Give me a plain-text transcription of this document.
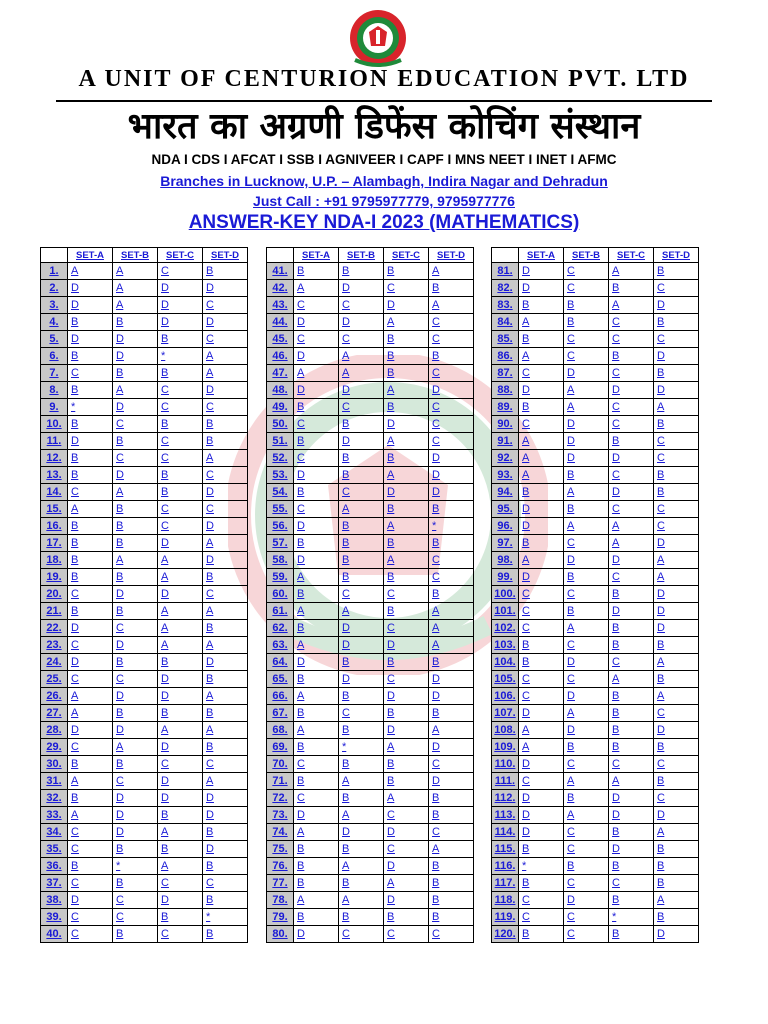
A UNIT OF CENTURION EDUCATION PVT. LTD
भारत का अग्रणी डिफेंस कोचिंग संस्थान
NDA I CDS I AFCAT I SSB I AGNIVEER I CAPF I MNS NEET I INET I AFMC
Branches in Lucknow, U.P. – Alambagh, Indira Nagar and Dehradun
Just Call : +91 9795977779, 9795977776
ANSWER-KEY NDA-I 2023 (MATHEMATICS)
	SET-A	SET-B	SET-C	SET-D
1.	A	A	C	B
2.	D	A	D	D
3.	D	A	D	C
4.	B	B	D	D
5.	D	D	B	C
6.	B	D	*	A
7.	C	B	B	A
8.	B	A	C	D
9.	*	D	C	C
10.	B	C	B	B
11.	D	B	C	B
12.	B	C	C	A
13.	B	D	B	C
14.	C	A	B	D
15.	A	B	C	C
16.	B	B	C	D
17.	B	B	D	A
18.	B	A	A	D
19.	B	B	A	B
20.	C	D	D	C
21.	B	B	A	A
22.	D	C	A	B
23.	C	D	A	A
24.	D	B	B	D
25.	C	C	D	B
26.	A	D	D	A
27.	A	B	B	B
28.	D	D	A	A
29.	C	A	D	B
30.	B	B	C	C
31.	A	C	D	A
32.	B	D	D	D
33.	A	D	B	D
34.	C	D	A	B
35.	C	B	B	D
36.	B	*	A	B
37.	C	B	C	C
38.	D	C	D	B
39.	C	C	B	*
40.	C	B	C	B
	SET-A	SET-B	SET-C	SET-D
41.	B	B	B	A
42.	A	D	C	B
43.	C	C	D	A
44.	D	D	A	C
45.	C	C	B	C
46.	D	A	B	B
47.	A	A	B	C
48.	D	D	A	D
49.	B	C	B	C
50.	C	B	D	C
51.	B	D	A	C
52.	C	B	B	D
53.	D	B	A	D
54.	B	C	D	D
55.	C	A	B	B
56.	D	B	A	*
57.	B	B	B	B
58.	D	B	A	C
59.	A	B	B	C
60.	B	C	C	B
61.	A	A	B	A
62.	B	D	C	A
63.	A	D	D	A
64.	D	B	B	B
65.	B	D	C	D
66.	A	B	D	D
67.	B	C	B	B
68.	A	B	D	A
69.	B	*	A	D
70.	C	B	B	C
71.	B	A	B	D
72.	C	B	A	B
73.	D	A	C	B
74.	A	D	D	C
75.	B	B	C	A
76.	B	A	D	B
77.	B	B	A	B
78.	A	A	D	B
79.	B	B	B	B
80.	D	C	C	C
	SET-A	SET-B	SET-C	SET-D
81.	D	C	A	B
82.	D	C	B	C
83.	B	B	A	D
84.	A	B	C	B
85.	B	C	C	C
86.	A	C	B	D
87.	C	D	C	B
88.	D	A	D	D
89.	B	A	C	A
90.	C	D	C	B
91.	A	D	B	C
92.	A	D	D	C
93.	A	B	C	B
94.	B	A	D	B
95.	D	B	C	C
96.	D	A	A	C
97.	B	C	A	D
98.	A	D	D	A
99.	D	B	C	A
100.	C	C	B	D
101.	C	B	D	D
102.	C	A	B	D
103.	B	C	B	B
104.	B	D	C	A
105.	C	C	A	B
106.	C	D	B	A
107.	D	A	B	C
108.	A	D	B	D
109.	A	B	B	B
110.	D	C	C	C
111.	C	A	A	B
112.	D	B	D	C
113.	D	A	D	D
114.	D	C	B	A
115.	B	C	D	B
116.	*	B	B	B
117.	B	C	C	B
118.	C	D	B	A
119.	C	C	*	B
120.	B	C	B	D
